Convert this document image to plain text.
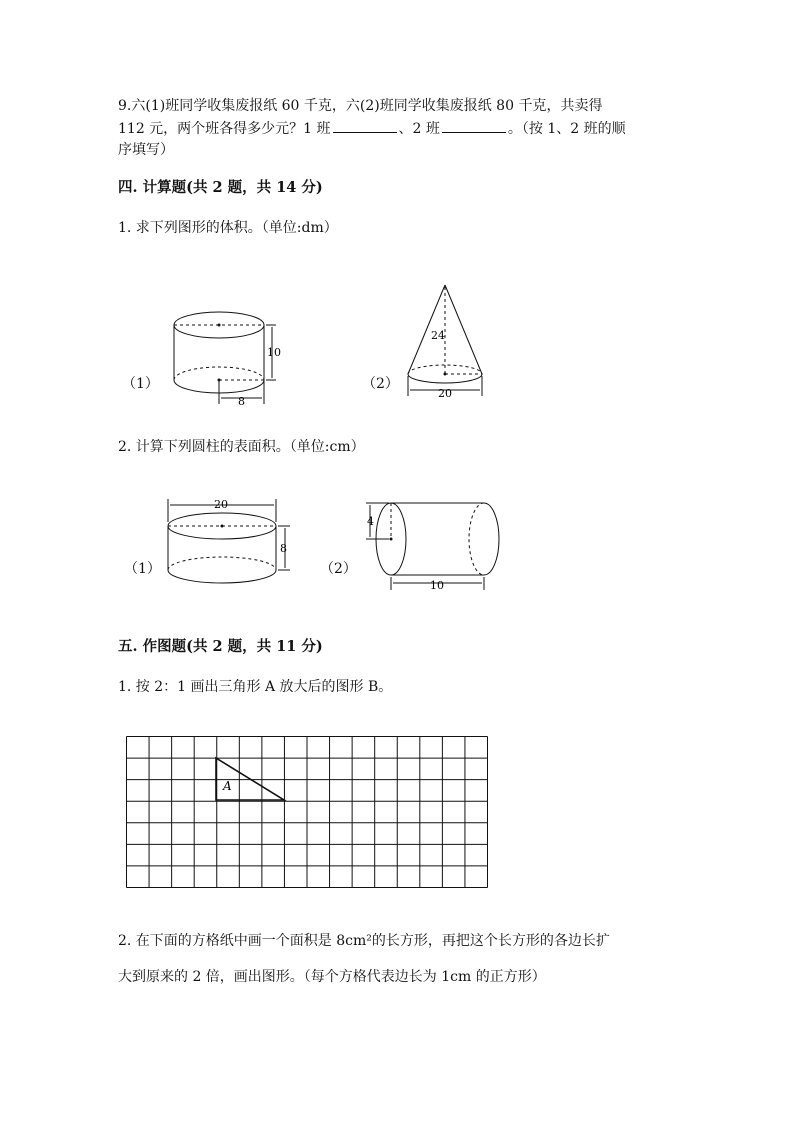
9.六(1)班同学收集废报纸 60 千克，六(2)班同学收集废报纸 80 千克，共卖得

112 元，两个班各得多少元？1 班	、2 班	。（按 1、2 班的顺

序填写）

四. 计算题(共 2 题，共 14 分)

1. 求下列图形的体积。（单位:dm）

（1）
10
8
（2）
24
20

2. 计算下列圆柱的表面积。（单位:cm）

（1）
20
8
（2）
4
10

五. 作图题(共 2 题，共 11 分)

1. 按 2：1 画出三角形 A 放大后的图形 B。

A

2. 在下面的方格纸中画一个面积是 8cm²的长方形，再把这个长方形的各边长扩

大到原来的 2 倍，画出图形。（每个方格代表边长为 1cm 的正方形）
